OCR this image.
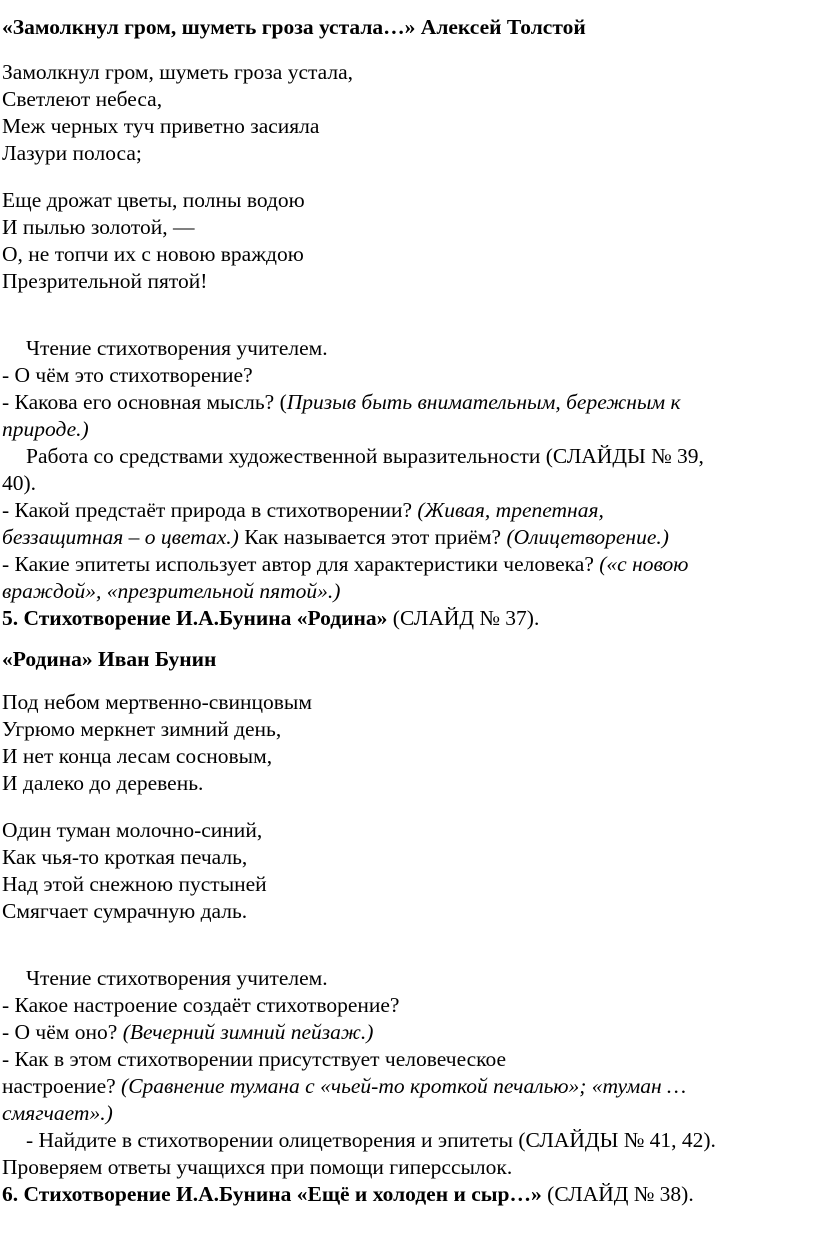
«Замолкнул гром, шуметь гроза устала…» Алексей Толстой
Замолкнул гром, шуметь гроза устала,
Светлеют небеса,
Меж черных туч приветно засияла
Лазури полоса;
Еще дрожат цветы, полны водою
И пылью золотой, —
О, не топчи их с новою враждою
Презрительной пятой!
Чтение стихотворения учителем.
- О чём это стихотворение?
- Какова его основная мысль? (Призыв быть внимательным, бережным к
природе.)
Работа со средствами художественной выразительности (СЛАЙДЫ № 39,
40).
- Какой предстаёт природа в стихотворении? (Живая, трепетная,
беззащитная – о цветах.) Как называется этот приём? (Олицетворение.)
- Какие эпитеты использует автор для характеристики человека? («с новою
враждой», «презрительной пятой».)
5. Стихотворение И.А.Бунина «Родина» (СЛАЙД № 37).
«Родина» Иван Бунин
Под небом мертвенно-свинцовым
Угрюмо меркнет зимний день,
И нет конца лесам сосновым,
И далеко до деревень.
Один туман молочно-синий,
Как чья-то кроткая печаль,
Над этой снежною пустыней
Смягчает сумрачную даль.
Чтение стихотворения учителем.
- Какое настроение создаёт стихотворение?
- О чём оно? (Вечерний зимний пейзаж.)
- Как в этом стихотворении присутствует человеческое
настроение? (Сравнение тумана с «чьей-то кроткой печалью»; «туман …
смягчает».)
- Найдите в стихотворении олицетворения и эпитеты (СЛАЙДЫ № 41, 42).
Проверяем ответы учащихся при помощи гиперссылок.
6. Стихотворение И.А.Бунина «Ещё и холоден и сыр…» (СЛАЙД № 38).
